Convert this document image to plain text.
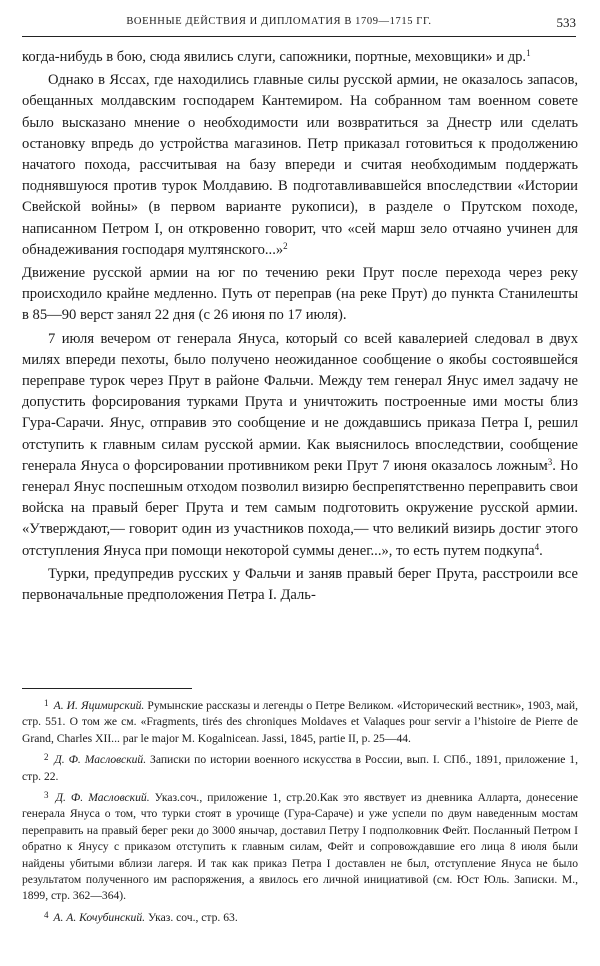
ВОЕННЫЕ ДЕЙСТВИЯ И ДИПЛОМАТИЯ В 1709—1715 ГГ.	533

когда-нибудь в бою, сюда явились слуги, сапожники, портные, меховщики» и др.$^1$

Однако в Яссах, где находились главные силы русской армии, не оказалось запасов, обещанных молдавским господарем Кантемиром. На собранном там военном совете было высказано мнение о необходимости или возвратиться за Днестр или сделать остановку впредь до устройства магазинов. Петр приказал готовиться к продолжению начатого похода, рассчитывая на базу впереди и считая необходимым поддержать поднявшуюся против турок Молдавию. В подготавливавшейся впоследствии «Истории Свейской войны» (в первом варианте рукописи), в разделе о Прутском походе, написанном Петром I, он откровенно говорит, что «сей марш зело отчаяно учинен для обнадеживания господаря мултянского...»$^2$

Движение русской армии на юг по течению реки Прут после перехода через реку происходило крайне медленно. Путь от переправ (на реке Прут) до пункта Станилешты в 85—90 верст занял 22 дня (с 26 июня по 17 июля).

7 июля вечером от генерала Януса, который со всей кавалерией следовал в двух милях впереди пехоты, было получено неожиданное сообщение о якобы состоявшейся переправе турок через Прут в районе Фальчи. Между тем генерал Янус имел задачу не допустить форсирования турками Прута и уничтожить построенные ими мосты близ Гура-Сарачи. Янус, отправив это сообщение и не дождавшись приказа Петра I, решил отступить к главным силам русской армии. Как выяснилось впоследствии, сообщение генерала Януса о форсировании противником реки Прут 7 июня оказалось ложным$^3$. Но генерал Янус поспешным отходом позволил визирю беспрепятственно переправить свои войска на правый берег Прута и тем самым подготовить окружение русской армии. «Утверждают,— говорит один из участников похода,— что великий визирь достиг этого отступления Януса при помощи некоторой суммы денег...», то есть путем подкупа$^4$.

Турки, предупредив русских у Фальчи и заняв правый берег Прута, расстроили все первоначальные предположения Петра I. Даль-

$^1$ А. И. Яцимирский. Румынские рассказы и легенды о Петре Великом. «Исторический вестник», 1903, май, стр. 551. О том же см. «Fragments, tirés des chroniques Moldaves et Valaques pour servir a l’histoire de Pierre de Grand, Charles XII... par le major M. Kogalnicean. Jassi, 1845, partie II, p. 25—44.
$^2$ Д. Ф. Масловский. Записки по истории военного искусства в России, вып. I. СПб., 1891, приложение 1, стр. 22.
$^3$ Д. Ф. Масловский. Указ.соч., приложение 1, стр.20.Как это явствует из дневника Алларта, донесение генерала Януса о том, что турки стоят в урочище (Гура-Сараче) и уже успели по двум наведенным мостам переправить на правый берег реки до 3000 янычар, доставил Петру I подполковник Фейт. Посланный Петром I обратно к Янусу с приказом отступить к главным силам, Фейт и сопровождавшие его лица 8 июля были найдены убитыми вблизи лагеря. И так как приказ Петра I доставлен не был, отступление Януса не было результатом полученного им распоряжения, а явилось его личной инициативой (см. Юст Юль. Записки. М., 1899, стр. 362—364).
$^4$ А. А. Кочубинский. Указ. соч., стр. 63.
